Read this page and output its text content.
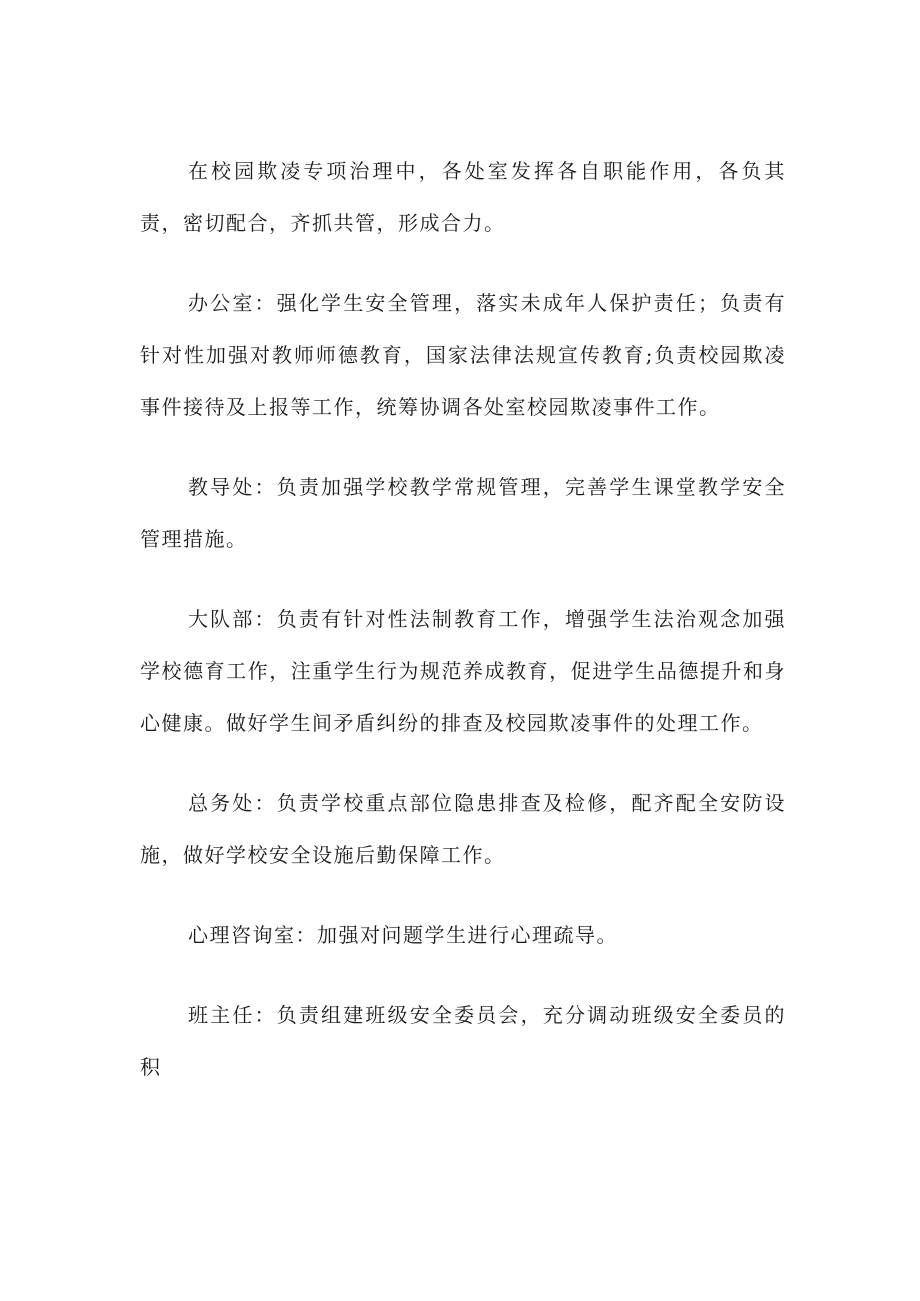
在校园欺凌专项治理中，各处室发挥各自职能作用，各负其责，密切配合，齐抓共管，形成合力。

办公室：强化学生安全管理，落实未成年人保护责任；负责有针对性加强对教师师德教育，国家法律法规宣传教育;负责校园欺凌事件接待及上报等工作，统筹协调各处室校园欺凌事件工作。

教导处：负责加强学校教学常规管理，完善学生课堂教学安全管理措施。

大队部：负责有针对性法制教育工作，增强学生法治观念加强学校德育工作，注重学生行为规范养成教育，促进学生品德提升和身心健康。做好学生间矛盾纠纷的排查及校园欺凌事件的处理工作。

总务处：负责学校重点部位隐患排查及检修，配齐配全安防设施，做好学校安全设施后勤保障工作。

心理咨询室：加强对问题学生进行心理疏导。

班主任：负责组建班级安全委员会，充分调动班级安全委员的积
